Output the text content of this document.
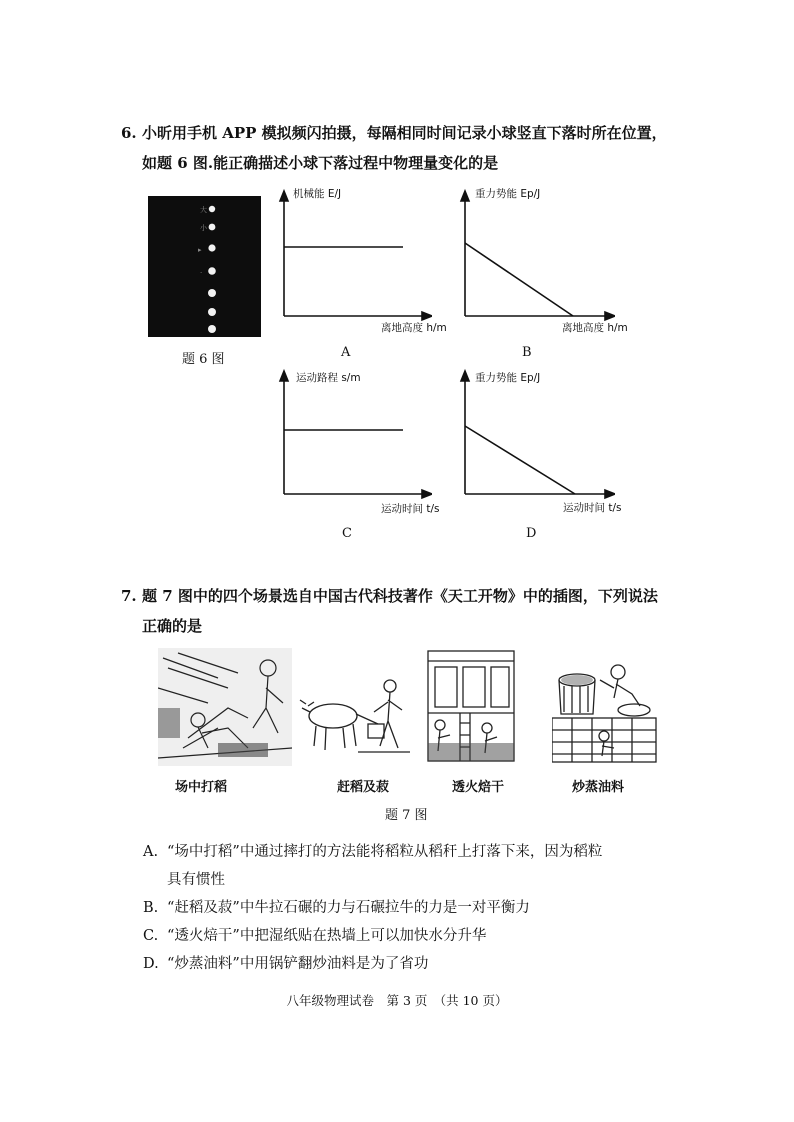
6. 小昕用手机 APP 模拟频闪拍摄，每隔相同时间记录小球竖直下落时所在位置，
如题 6 图.能正确描述小球下落过程中物理量变化的是
大
小
▸
·
题 6 图
机械能 E/J
离地高度 h/m
A
重力势能 Ep/J
离地高度 h/m
B
运动路程 s/m
运动时间 t/s
C
重力势能 Ep/J
运动时间 t/s
D
7. 题 7 图中的四个场景选自中国古代科技著作《天工开物》中的插图，下列说法
正确的是
场中打稻	赶稻及菽	透火焙干	炒蒸油料
题 7 图
A. “场中打稻”中通过摔打的方法能将稻粒从稻秆上打落下来，因为稻粒
具有惯性
B. “赶稻及菽”中牛拉石碾的力与石碾拉牛的力是一对平衡力
C. “透火焙干”中把湿纸贴在热墙上可以加快水分升华
D. “炒蒸油料”中用锅铲翻炒油料是为了省功
八年级物理试卷　第 3 页　（共 10 页）
